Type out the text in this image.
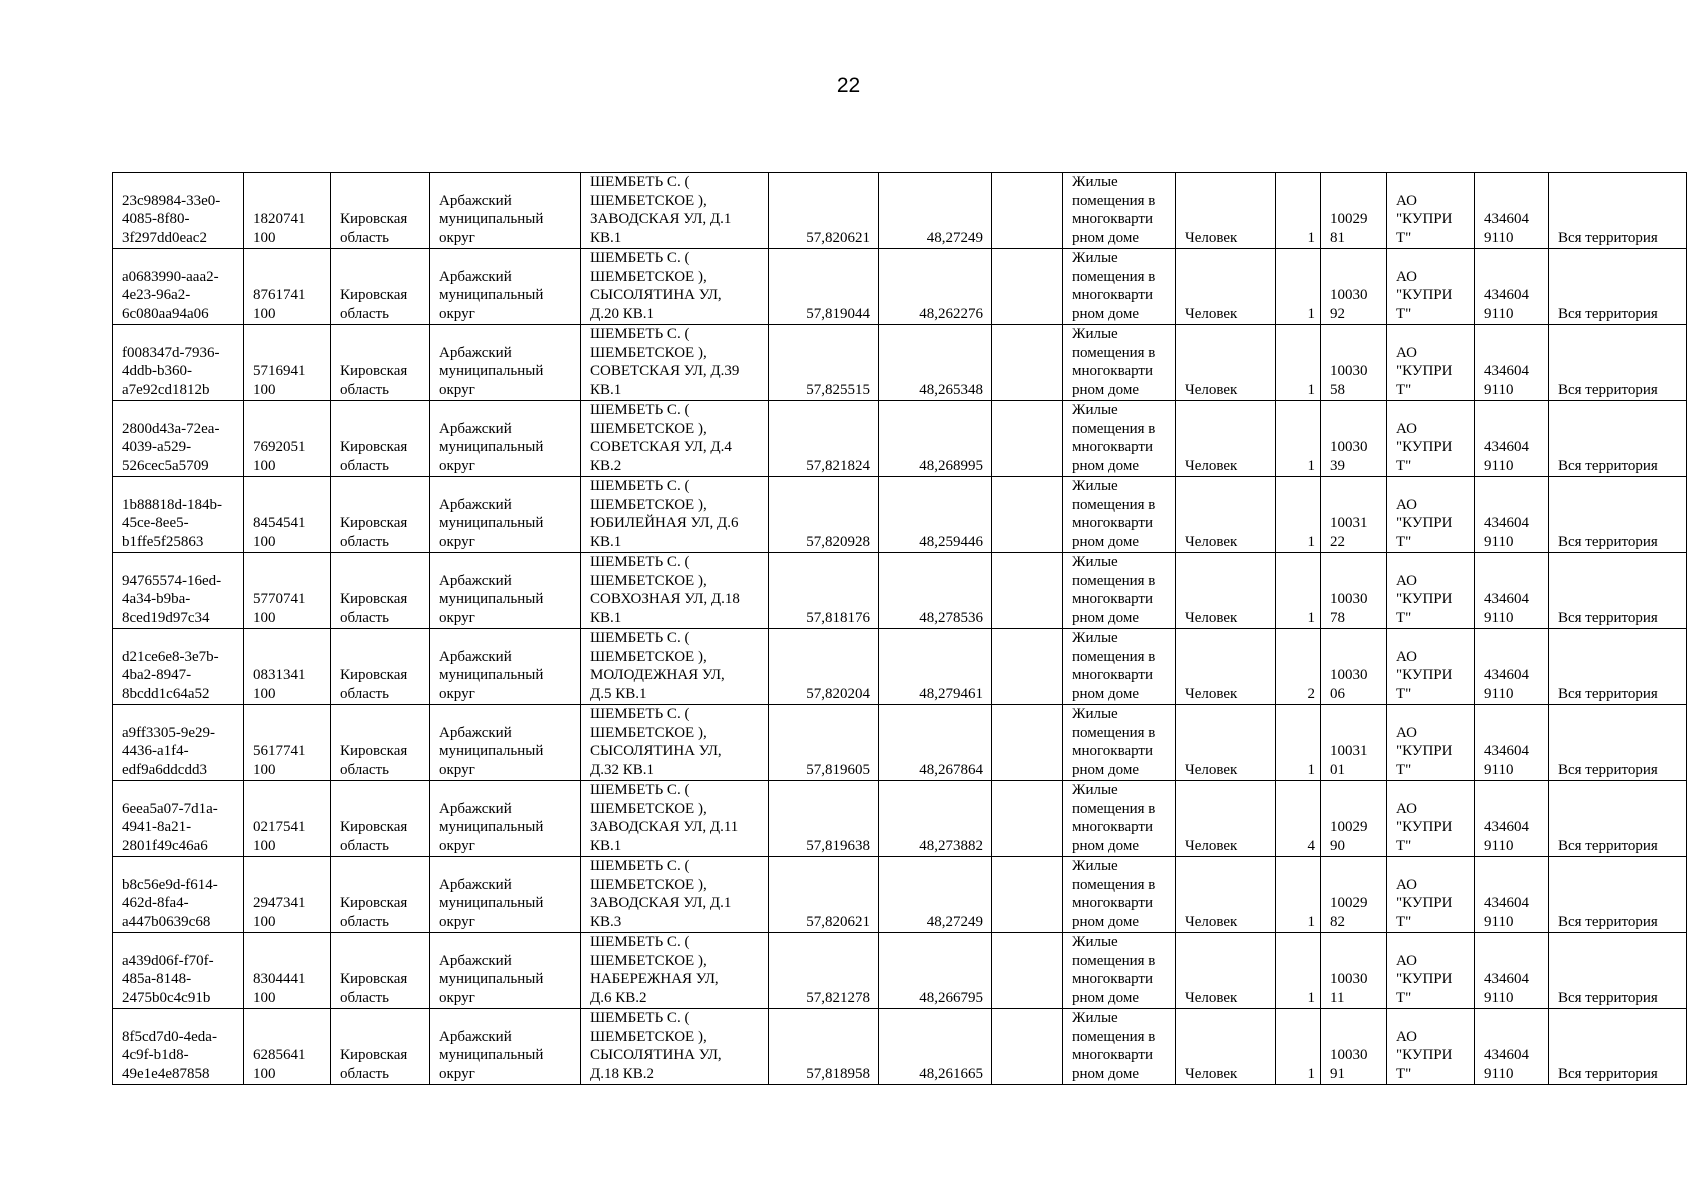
22
23c98984-33e0-
4085-8f80-
3f297dd0eac2	1820741
100	Кировская
область	Арбажский
муниципальный
округ	ШЕМБЕТЬ С. (
ШЕМБЕТСКОЕ ),
ЗАВОДСКАЯ УЛ, Д.1
КВ.1	57,820621	48,27249		Жилые
помещения в
многокварти
рном доме	Человек	1	10029
81	АО
"КУПРИ
Т"	434604
9110	Вся территория
a0683990-aaa2-
4e23-96a2-
6c080aa94a06	8761741
100	Кировская
область	Арбажский
муниципальный
округ	ШЕМБЕТЬ С. (
ШЕМБЕТСКОЕ ),
СЫСОЛЯТИНА УЛ,
Д.20 КВ.1	57,819044	48,262276		Жилые
помещения в
многокварти
рном доме	Человек	1	10030
92	АО
"КУПРИ
Т"	434604
9110	Вся территория
f008347d-7936-
4ddb-b360-
a7e92cd1812b	5716941
100	Кировская
область	Арбажский
муниципальный
округ	ШЕМБЕТЬ С. (
ШЕМБЕТСКОЕ ),
СОВЕТСКАЯ УЛ, Д.39
КВ.1	57,825515	48,265348		Жилые
помещения в
многокварти
рном доме	Человек	1	10030
58	АО
"КУПРИ
Т"	434604
9110	Вся территория
2800d43a-72ea-
4039-a529-
526cec5a5709	7692051
100	Кировская
область	Арбажский
муниципальный
округ	ШЕМБЕТЬ С. (
ШЕМБЕТСКОЕ ),
СОВЕТСКАЯ УЛ, Д.4
КВ.2	57,821824	48,268995		Жилые
помещения в
многокварти
рном доме	Человек	1	10030
39	АО
"КУПРИ
Т"	434604
9110	Вся территория
1b88818d-184b-
45ce-8ee5-
b1ffe5f25863	8454541
100	Кировская
область	Арбажский
муниципальный
округ	ШЕМБЕТЬ С. (
ШЕМБЕТСКОЕ ),
ЮБИЛЕЙНАЯ УЛ, Д.6
КВ.1	57,820928	48,259446		Жилые
помещения в
многокварти
рном доме	Человек	1	10031
22	АО
"КУПРИ
Т"	434604
9110	Вся территория
94765574-16ed-
4a34-b9ba-
8ced19d97c34	5770741
100	Кировская
область	Арбажский
муниципальный
округ	ШЕМБЕТЬ С. (
ШЕМБЕТСКОЕ ),
СОВХОЗНАЯ УЛ, Д.18
КВ.1	57,818176	48,278536		Жилые
помещения в
многокварти
рном доме	Человек	1	10030
78	АО
"КУПРИ
Т"	434604
9110	Вся территория
d21ce6e8-3e7b-
4ba2-8947-
8bcdd1c64a52	0831341
100	Кировская
область	Арбажский
муниципальный
округ	ШЕМБЕТЬ С. (
ШЕМБЕТСКОЕ ),
МОЛОДЕЖНАЯ УЛ,
Д.5 КВ.1	57,820204	48,279461		Жилые
помещения в
многокварти
рном доме	Человек	2	10030
06	АО
"КУПРИ
Т"	434604
9110	Вся территория
a9ff3305-9e29-
4436-a1f4-
edf9a6ddcdd3	5617741
100	Кировская
область	Арбажский
муниципальный
округ	ШЕМБЕТЬ С. (
ШЕМБЕТСКОЕ ),
СЫСОЛЯТИНА УЛ,
Д.32 КВ.1	57,819605	48,267864		Жилые
помещения в
многокварти
рном доме	Человек	1	10031
01	АО
"КУПРИ
Т"	434604
9110	Вся территория
6eea5a07-7d1a-
4941-8a21-
2801f49c46a6	0217541
100	Кировская
область	Арбажский
муниципальный
округ	ШЕМБЕТЬ С. (
ШЕМБЕТСКОЕ ),
ЗАВОДСКАЯ УЛ, Д.11
КВ.1	57,819638	48,273882		Жилые
помещения в
многокварти
рном доме	Человек	4	10029
90	АО
"КУПРИ
Т"	434604
9110	Вся территория
b8c56e9d-f614-
462d-8fa4-
a447b0639c68	2947341
100	Кировская
область	Арбажский
муниципальный
округ	ШЕМБЕТЬ С. (
ШЕМБЕТСКОЕ ),
ЗАВОДСКАЯ УЛ, Д.1
КВ.3	57,820621	48,27249		Жилые
помещения в
многокварти
рном доме	Человек	1	10029
82	АО
"КУПРИ
Т"	434604
9110	Вся территория
a439d06f-f70f-
485a-8148-
2475b0c4c91b	8304441
100	Кировская
область	Арбажский
муниципальный
округ	ШЕМБЕТЬ С. (
ШЕМБЕТСКОЕ ),
НАБЕРЕЖНАЯ УЛ,
Д.6 КВ.2	57,821278	48,266795		Жилые
помещения в
многокварти
рном доме	Человек	1	10030
11	АО
"КУПРИ
Т"	434604
9110	Вся территория
8f5cd7d0-4eda-
4c9f-b1d8-
49e1e4e87858	6285641
100	Кировская
область	Арбажский
муниципальный
округ	ШЕМБЕТЬ С. (
ШЕМБЕТСКОЕ ),
СЫСОЛЯТИНА УЛ,
Д.18 КВ.2	57,818958	48,261665		Жилые
помещения в
многокварти
рном доме	Человек	1	10030
91	АО
"КУПРИ
Т"	434604
9110	Вся территория
